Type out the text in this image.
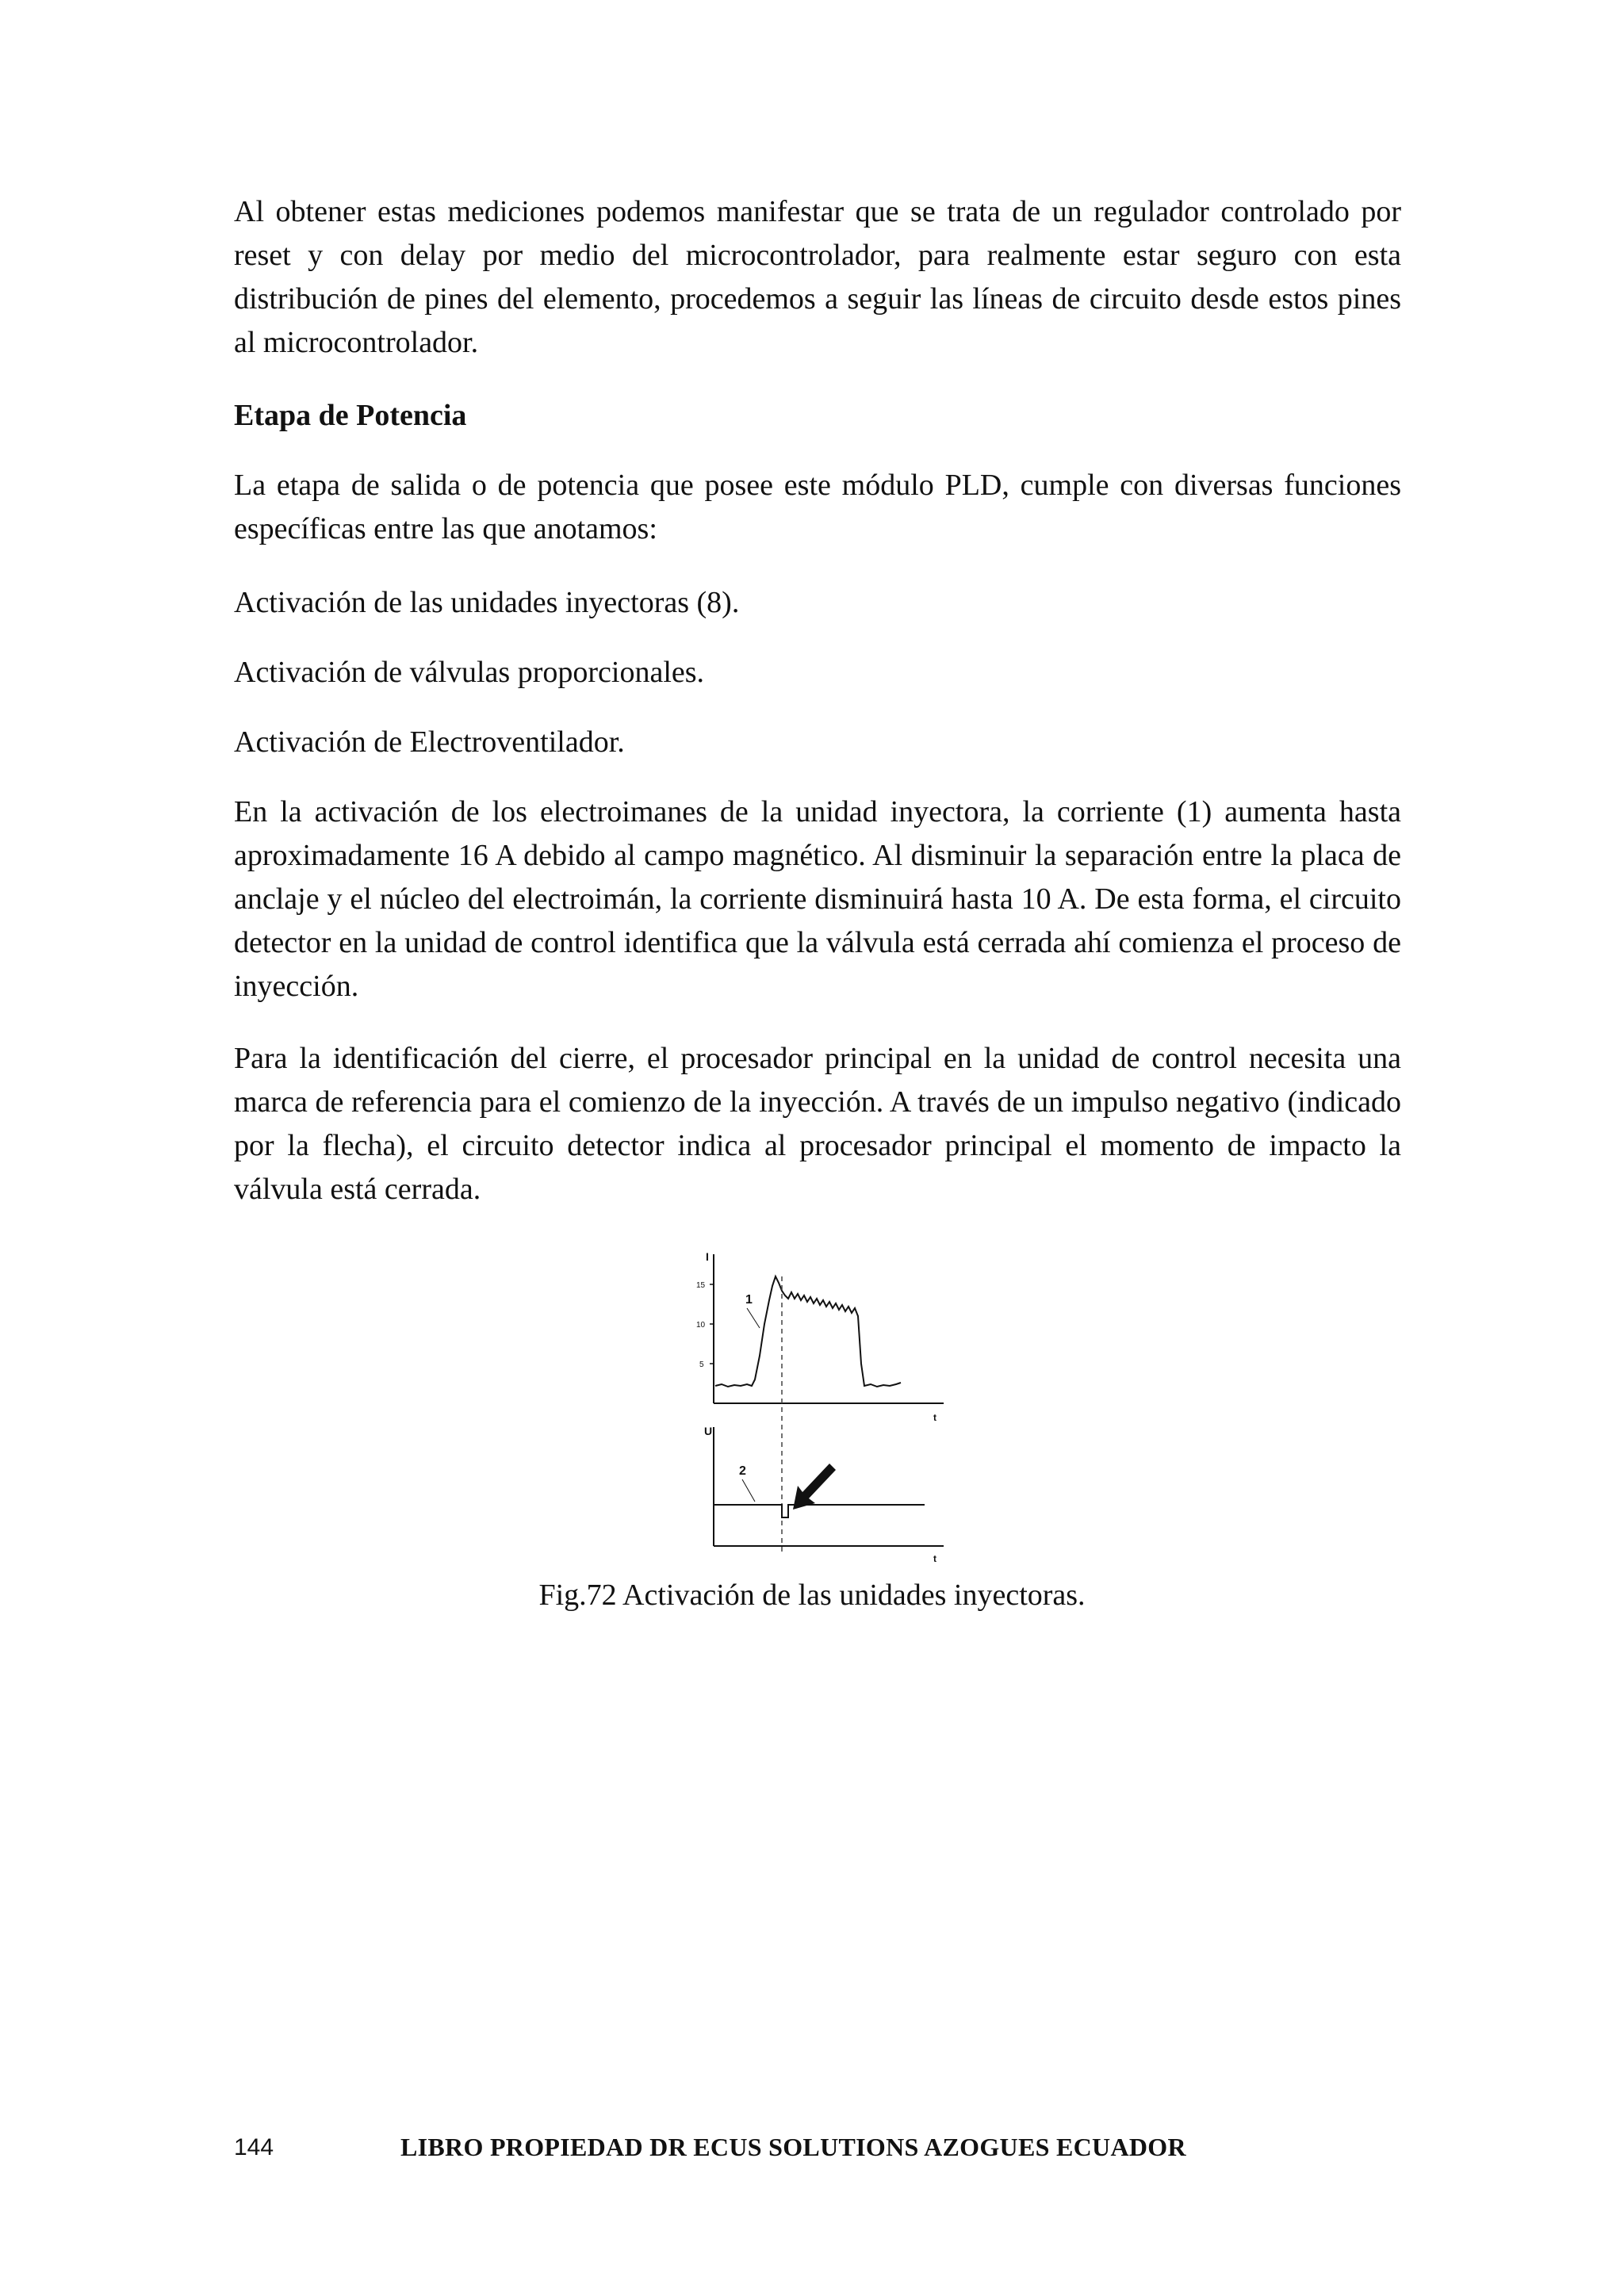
Al obtener estas mediciones podemos manifestar que se trata de un regulador controlado por reset y con delay por medio del microcontrolador, para realmente estar seguro con esta distribución de pines del elemento, procedemos a seguir las líneas de circuito desde estos pines al microcontrolador.

Etapa de Potencia

La etapa de salida o de potencia que posee este módulo PLD, cumple con diversas funciones específicas entre las que anotamos:

Activación de las unidades inyectoras (8).

Activación de válvulas proporcionales.

Activación de Electroventilador.

En la activación de los electroimanes de la unidad inyectora, la corriente (1) aumenta hasta aproximadamente 16 A debido al campo magnético. Al disminuir la separación entre la placa de anclaje y el núcleo del electroimán, la corriente disminuirá hasta 10 A. De esta forma, el circuito detector en la unidad de control identifica que la válvula está cerrada ahí comienza el proceso de inyección.

Para la identificación del cierre, el procesador principal en la unidad de control necesita una marca de referencia para el comienzo de la inyección. A través de un impulso negativo (indicado por la flecha), el circuito detector indica al procesador principal el momento de impacto la válvula está cerrada.

I
15
10
5
t
1
U
t
2
Fig.72 Activación de las unidades inyectoras.
144	LIBRO PROPIEDAD DR ECUS SOLUTIONS AZOGUES ECUADOR
